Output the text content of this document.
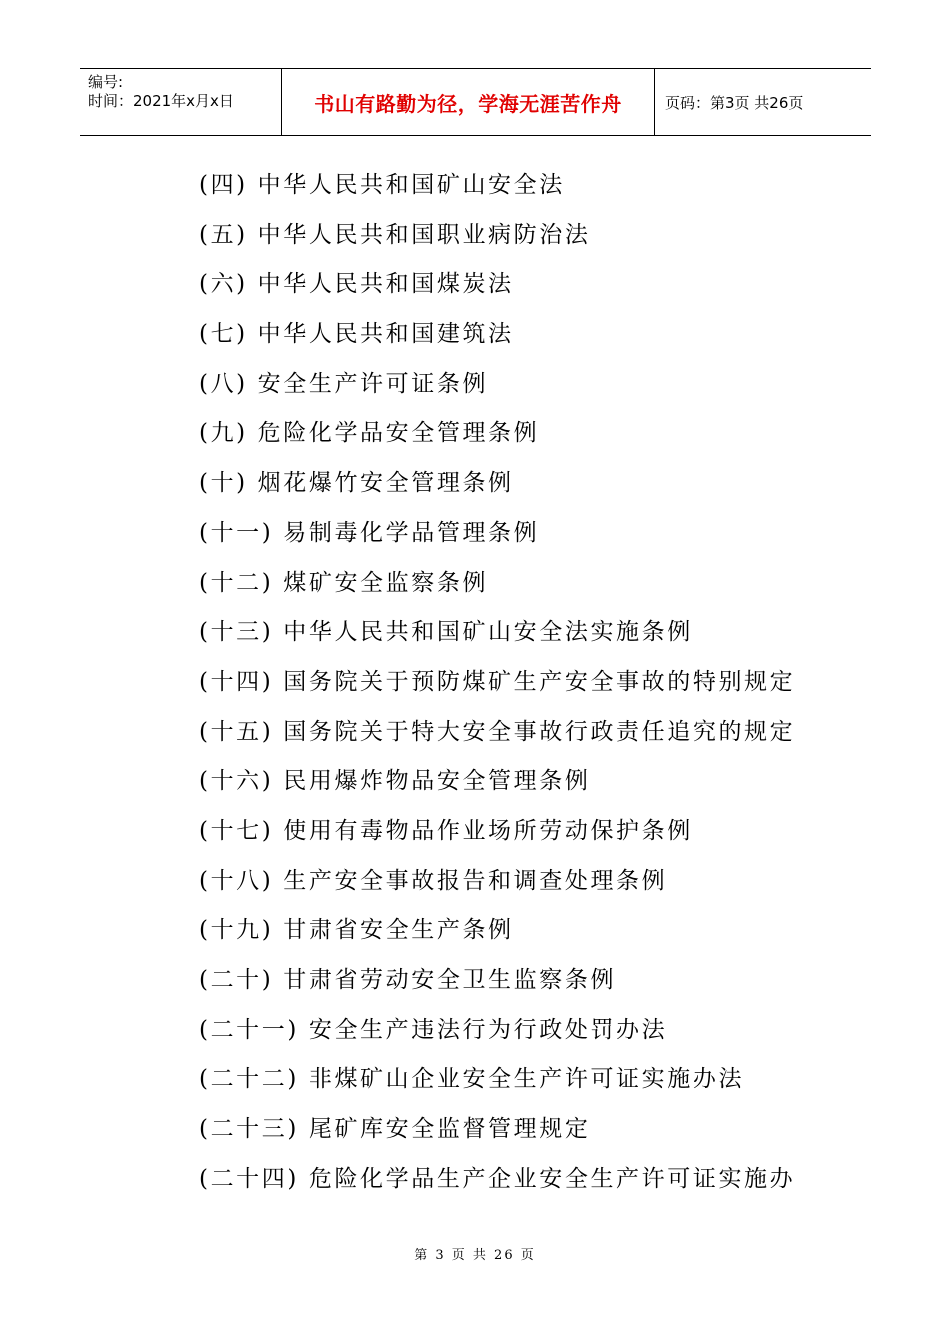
编号:
时间：2021年x月x日	书山有路勤为径，学海无涯苦作舟	页码：第3页 共26页
(四) 中华人民共和国矿山安全法
(五) 中华人民共和国职业病防治法
(六) 中华人民共和国煤炭法
(七) 中华人民共和国建筑法
(八) 安全生产许可证条例
(九) 危险化学品安全管理条例
(十) 烟花爆竹安全管理条例
(十一) 易制毒化学品管理条例
(十二) 煤矿安全监察条例
(十三) 中华人民共和国矿山安全法实施条例
(十四) 国务院关于预防煤矿生产安全事故的特别规定
(十五) 国务院关于特大安全事故行政责任追究的规定
(十六) 民用爆炸物品安全管理条例
(十七) 使用有毒物品作业场所劳动保护条例
(十八) 生产安全事故报告和调查处理条例
(十九) 甘肃省安全生产条例
(二十) 甘肃省劳动安全卫生监察条例
(二十一) 安全生产违法行为行政处罚办法
(二十二) 非煤矿山企业安全生产许可证实施办法
(二十三) 尾矿库安全监督管理规定
(二十四) 危险化学品生产企业安全生产许可证实施办
第 3 页 共 26 页
